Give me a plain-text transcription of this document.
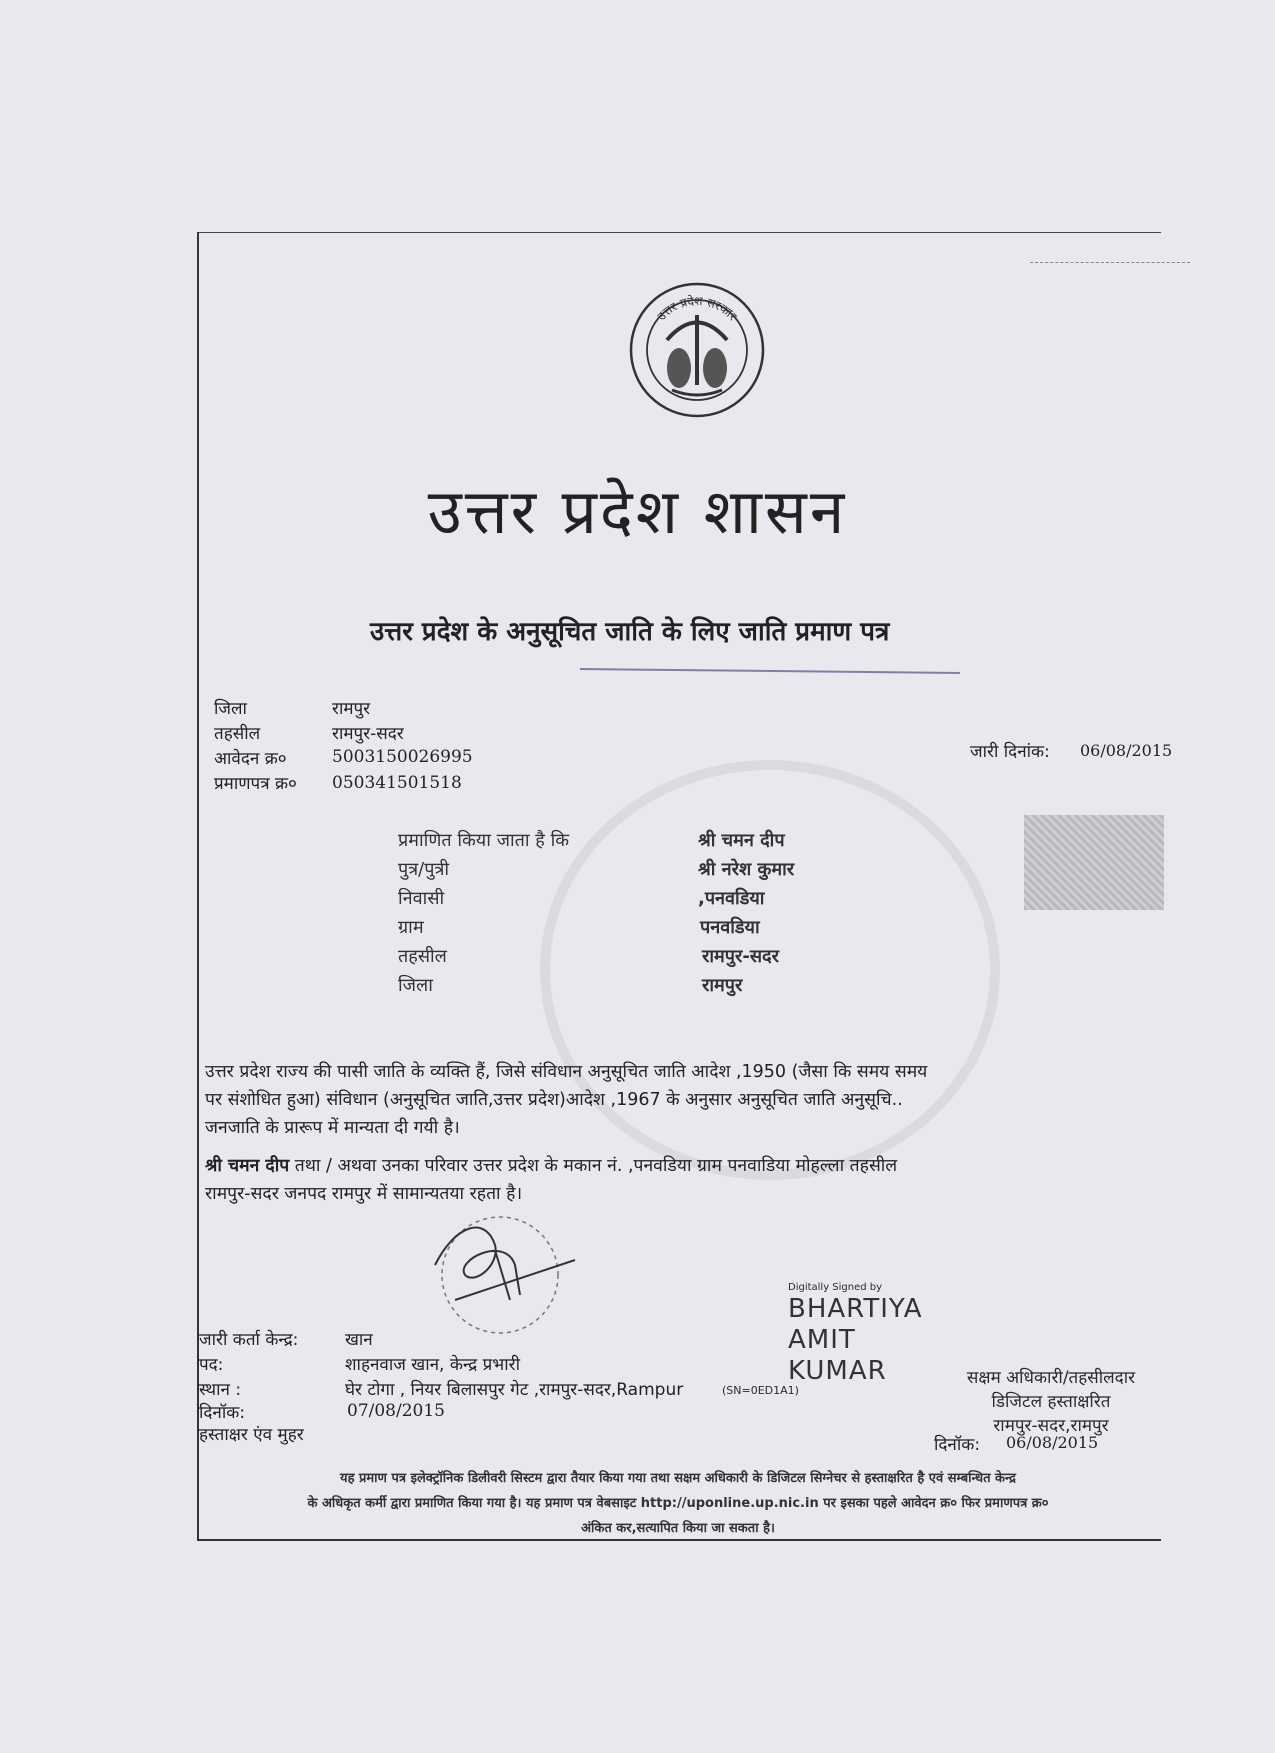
उत्तर प्रदेश सरकार
उत्तर प्रदेश शासन
उत्तर प्रदेश के अनुसूचित जाति के लिए जाति प्रमाण पत्र
जिला	रामपुर
तहसील	रामपुर-सदर
आवेदन क्र०	5003150026995
प्रमाणपत्र क्र० 050341501518
जारी दिनांक: 06/08/2015
प्रमाणित किया जाता है कि	श्री चमन दीप
पुत्र/पुत्री	श्री नरेश कुमार
निवासी	,पनवडिया
ग्राम	पनवडिया
तहसील	रामपुर-सदर
जिला	रामपुर
उत्तर प्रदेश राज्य की पासी जाति के व्यक्ति हैं, जिसे संविधान अनुसूचित जाति आदेश ,1950 (जैसा कि समय समय
पर संशोधित हुआ) संविधान (अनुसूचित जाति,उत्तर प्रदेश)आदेश ,1967 के अनुसार अनुसूचित जाति अनुसूचि..
जनजाति के प्रारूप में मान्यता दी गयी है।
श्री चमन दीप तथा / अथवा उनका परिवार उत्तर प्रदेश के मकान नं. ,पनवडिया ग्राम पनवाडिया मोहल्ला तहसील
रामपुर-सदर जनपद रामपुर में सामान्यतया रहता है।
जारी कर्ता केन्द्र:	खान
पद:	शाहनवाज खान, केन्द्र प्रभारी
स्थान :	घेर टोगा , नियर बिलासपुर गेट ,रामपुर-सदर,Rampur	(SN=0ED1A1)
दिनॉक:	07/08/2015
हस्ताक्षर एंव मुहर
Digitally Signed by
BHARTIYA
AMIT
KUMAR	सक्षम अधिकारी/तहसीलदार
डिजिटल हस्ताक्षरित
रामपुर-सदर,रामपुर
दिनॉक: 06/08/2015
यह प्रमाण पत्र इलेक्ट्रॉनिक डिलीवरी सिस्टम द्वारा तैयार किया गया तथा सक्षम अधिकारी के डिजिटल सिग्नेचर से हस्ताक्षरित है एवं सम्बन्धित केन्द्र
के अधिकृत कर्मी द्वारा प्रमाणित किया गया है। यह प्रमाण पत्र वेबसाइट http://uponline.up.nic.in पर इसका पहले आवेदन क्र० फिर प्रमाणपत्र क्र०
अंकित कर,सत्यापित किया जा सकता है।
